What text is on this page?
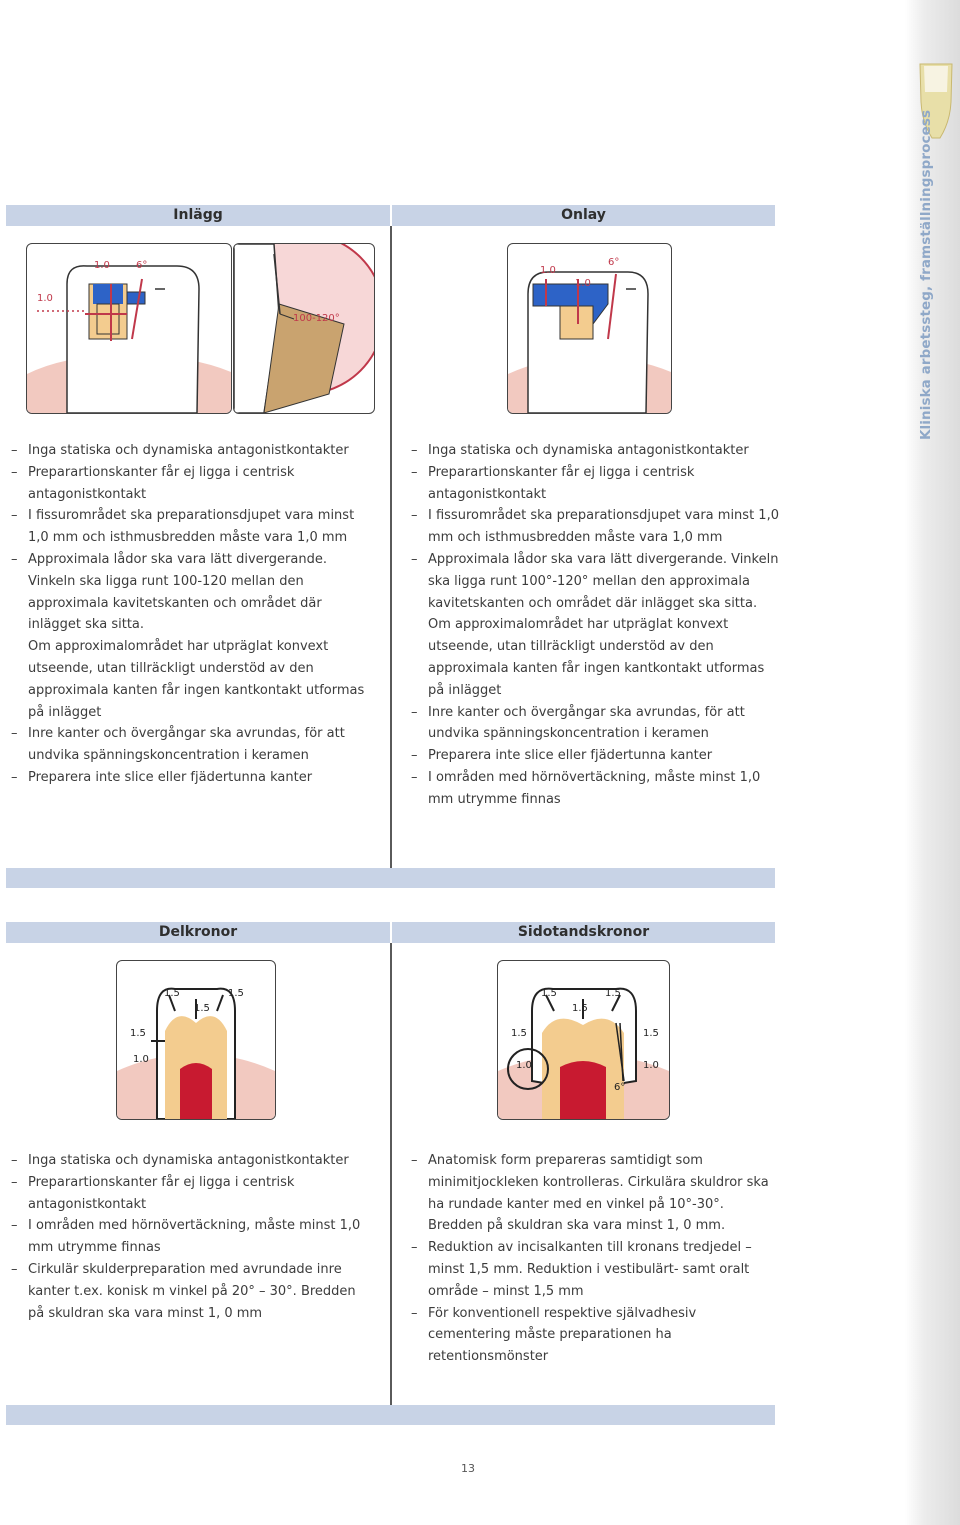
Kliniska arbetssteg, framställningsprocess
Inlägg	Onlay
1.0
1.0	6°
100-120°
1.0
1.0
6°
– Inga statiska och dynamiska antagonistkontakter
– Preparartionskanter får ej ligga i centrisk antagonistkontakt
– I fissurområdet ska preparationsdjupet vara minst 1,0 mm och isthmusbredden måste vara 1,0 mm
– Approximala lådor ska vara lätt divergerande. Vinkeln ska ligga runt 100-120 mellan den approximala kavitetskanten och området där inlägget ska sitta.
Om approximalområdet har utpräglat konvext utseende, utan tillräckligt understöd av den approximala kanten får ingen kantkontakt utformas på inlägget
– Inre kanter och övergångar ska avrundas, för att undvika spänningskoncentration i keramen
– Preparera inte slice eller fjädertunna kanter
– Inga statiska och dynamiska antagonistkontakter
– Preparartionskanter får ej ligga i centrisk antagonistkontakt
– I fissurområdet ska preparationsdjupet vara minst 1,0 mm och isthmusbredden måste vara 1,0 mm
– Approximala lådor ska vara lätt divergerande. Vinkeln ska ligga runt 100°-120° mellan den approximala kavitetskanten och området där inlägget ska sitta.
Om approximalområdet har utpräglat konvext utseende, utan tillräckligt understöd av den approximala kanten får ingen kantkontakt utformas på inlägget
– Inre kanter och övergångar ska avrundas, för att undvika spänningskoncentration i keramen
– Preparera inte slice eller fjädertunna kanter
– I områden med hörnövertäckning, måste minst 1,0 mm utrymme finnas
Delkronor	Sidotandskronor
1.5
1.5
1.5
1.5
1.0
1.5
1.5
1.5
1.5	1.5
1.0	1.0
6°
– Inga statiska och dynamiska antagonistkontakter
– Preparartionskanter får ej ligga i centrisk antagonistkontakt
– I områden med hörnövertäckning, måste minst 1,0 mm utrymme finnas
– Cirkulär skulderpreparation med avrundade inre kanter t.ex. konisk m vinkel på 20° – 30°. Bredden på skuldran ska vara minst 1, 0 mm
– Anatomisk form prepareras samtidigt som minimitjockleken kontrolleras. Cirkulära skuldror ska ha rundade kanter med en vinkel på 10°-30°. Bredden på skuldran ska vara minst 1, 0 mm.
– Reduktion av incisalkanten till kronans tredjedel – minst 1,5 mm. Reduktion i vestibulärt- samt oralt område – minst 1,5 mm
– För konventionell respektive självadhesiv cementering måste preparationen ha retentionsmönster
13
